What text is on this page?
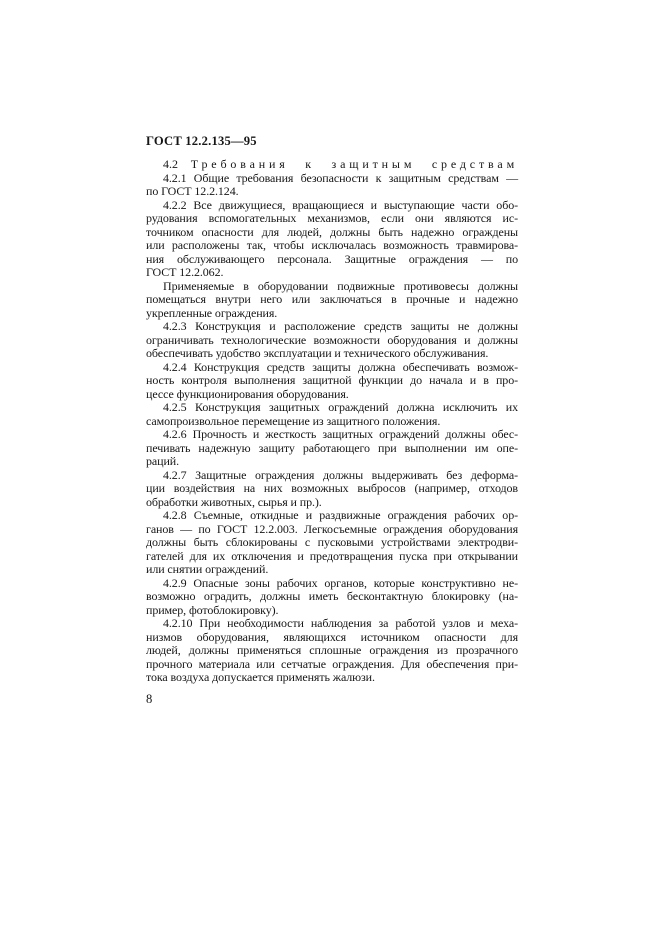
ГОСТ 12.2.135—95
4.2 Требования к защитным средствам
4.2.1 Общие требования безопасности к защитным средствам —
по ГОСТ 12.2.124.
4.2.2 Все движущиеся, вращающиеся и выступающие части обо-
рудования вспомогательных механизмов, если они являются ис-
точником опасности для людей, должны быть надежно ограждены
или расположены так, чтобы исключалась возможность травмирова-
ния обслуживающего персонала. Защитные ограждения — по
ГОСТ 12.2.062.
Применяемые в оборудовании подвижные противовесы должны
помещаться внутри него или заключаться в прочные и надежно
укрепленные ограждения.
4.2.3 Конструкция и расположение средств защиты не должны
ограничивать технологические возможности оборудования и должны
обеспечивать удобство эксплуатации и технического обслуживания.
4.2.4 Конструкция средств защиты должна обеспечивать возмож-
ность контроля выполнения защитной функции до начала и в про-
цессе функционирования оборудования.
4.2.5 Конструкция защитных ограждений должна исключить их
самопроизвольное перемещение из защитного положения.
4.2.6 Прочность и жесткость защитных ограждений должны обес-
печивать надежную защиту работающего при выполнении им опе-
раций.
4.2.7 Защитные ограждения должны выдерживать без деформа-
ции воздействия на них возможных выбросов (например, отходов
обработки животных, сырья и пр.).
4.2.8 Съемные, откидные и раздвижные ограждения рабочих ор-
ганов — по ГОСТ 12.2.003. Легкосъемные ограждения оборудования
должны быть сблокированы с пусковыми устройствами электродви-
гателей для их отключения и предотвращения пуска при открывании
или снятии ограждений.
4.2.9 Опасные зоны рабочих органов, которые конструктивно не-
возможно оградить, должны иметь бесконтактную блокировку (на-
пример, фотоблокировку).
4.2.10 При необходимости наблюдения за работой узлов и меха-
низмов оборудования, являющихся источником опасности для
людей, должны применяться сплошные ограждения из прозрачного
прочного материала или сетчатые ограждения. Для обеспечения при-
тока воздуха допускается применять жалюзи.
8
